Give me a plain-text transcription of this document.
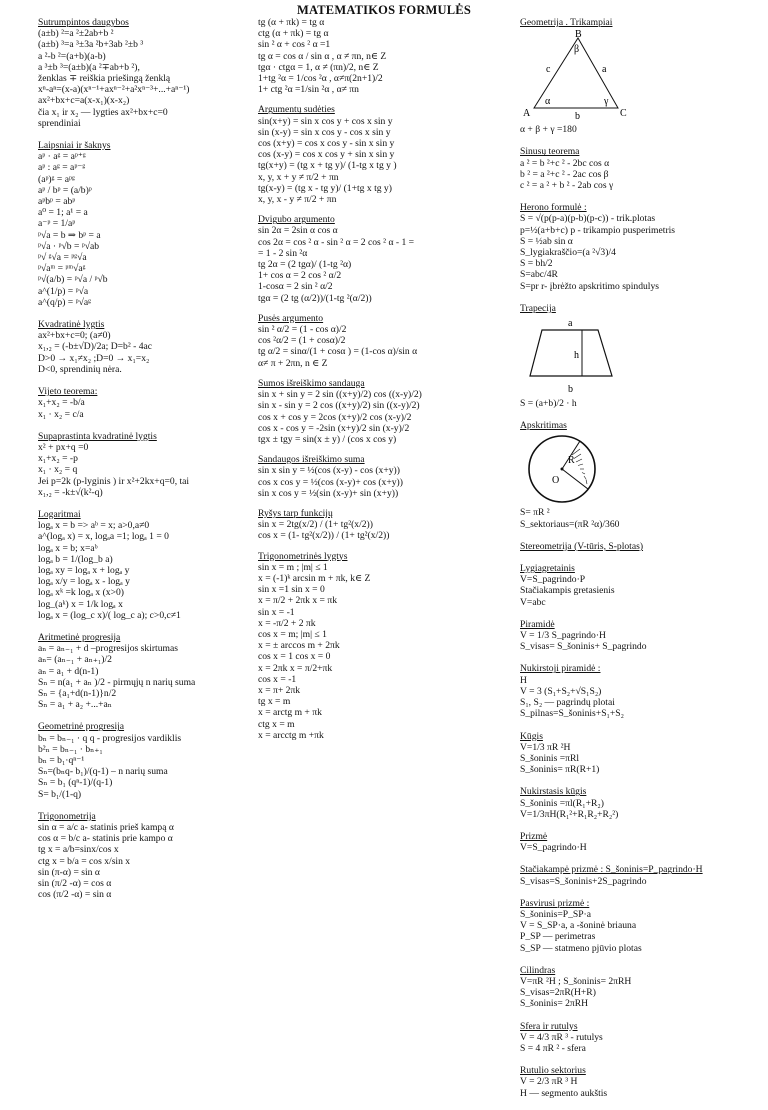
MATEMATIKOS FORMULĖS
Sutrumpintos daugybos
(a±b) ²=a ²±2ab+b ²
(a±b) ³=a ³±3a ²b+3ab ²±b ³
a ²-b ²=(a+b)(a-b)
a ³±b ³=(a±b)(a ²∓ab+b ²),
ženklas ∓ reiškia priešingą ženklą
xⁿ-aⁿ=(x-a)(xⁿ⁻¹+axⁿ⁻²+a²xⁿ⁻³+...+aⁿ⁻¹)
ax²+bx+c=a(x-x₁)(x-x₂)
čia x₁ ir x₂ — lygties ax²+bx+c=0
sprendiniai
Laipsniai ir šaknys
aᵖ · aᵍ = aᵖ⁺ᵍ
aᵖ : aᵍ = aᵖ⁻ᵍ
(aᵖ)ᵍ = aᵖᵍ
aᵖ / bᵖ = (a/b)ᵖ
aᵖbᵖ = abᵖ
a⁰ = 1; a¹ = a
a⁻ᵖ = 1/aᵖ
ᵖ√a = b ⇒ bᵖ = a
ᵖ√a · ᵖ√b = ᵖ√ab
ᵖ√ ᵍ√a = ᵖᵍ√a
ᵖ√aᵐ = ᵖᵐ√aᵍ
ᵖ√(a/b) = ᵖ√a / ᵖ√b
a^(1/p) = ᵖ√a
a^(q/p) = ᵖ√aᵍ
Kvadratinė lygtis
ax²+bx+c=0; (a≠0)
x₁,₂ = (-b±√D)/2a; D=b² - 4ac
D>0 → x₁≠x₂ ;D=0 → x₁=x₂
D<0, sprendinių nėra.
Vijeto teorema:
x₁+x₂ = -b/a
x₁ · x₂ = c/a
Supaprastinta kvadratinė lygtis
x² + px+q =0
x₁+x₂ = -p
x₁ · x₂ = q
Jei p=2k (p-lyginis ) ir x²+2kx+q=0, tai
x₁,₂ = -k±√(k²-q)
Logaritmai
logₐ x = b => aᵇ = x; a>0,a≠0
a^(logₐ x) = x, logₐa =1; logₐ 1 = 0
logₐ x = b; x=aᵇ
logₐ b = 1/(log_b a)
logₐ xy = logₐ x + logₐ y
logₐ x/y = logₐ x - logₐ y
logₐ xᵏ =k logₐ x (x>0)
log_(aᵏ) x = 1/k logₐ x
logₐ x = (log_c x)/( log_c a); c>0,c≠1
Aritmetinė progresija
aₙ = aₙ₋₁ + d –progresijos skirtumas
aₙ= (aₙ₋₁ + aₙ₊₁)/2
aₙ = a₁ + d(n-1)
Sₙ = n(a₁ + aₙ )/2 - pirmųjų n narių suma
Sₙ = {a₁+d(n-1)}n/2
Sₙ = a₁ + a₂ +...+aₙ
Geometrinė progresija
bₙ = bₙ₋₁ · q q - progresijos vardiklis
b²ₙ = bₙ₋₁ · bₙ₊₁
bₙ = b₁·qⁿ⁻¹
Sₙ=(bₙq- b₁)/(q-1) – n narių suma
Sₙ = b₁ (qⁿ-1)/(q-1)
S= b₁/(1-q)
Trigonometrija
sin α = a/c a- statinis prieš kampą α
cos α = b/c a- statinis prie kampo α
tg x = a/b=sinx/cos x
ctg x = b/a = cos x/sin x
sin (π-α) = sin α
sin (π/2 -α) = cos α
cos (π/2 -α) = sin α
tg (α + πk) = tg α
ctg (α + πk) = tg α
sin ² α + cos ² α =1
tg α = cos α / sin α , α ≠ πn, n∈ Z
tgα · ctgα = 1, α ≠ (πn)/2, n∈ Z
1+tg ²α = 1/cos ²α , α≠π(2n+1)/2
1+ ctg ²α =1/sin ²α , α≠ πn
Argumentų sudėties
sin(x+y) = sin x cos y + cos x sin y
sin (x-y) = sin x cos y - cos x sin y
cos (x+y) = cos x cos y - sin x sin y
cos (x-y) = cos x cos y + sin x sin y
tg(x+y) = (tg x + tg y)/ (1-tg x tg y )
x, y, x + y ≠ π/2 + πn
tg(x-y) = (tg x - tg y)/ (1+tg x tg y)
x, y, x - y ≠ π/2 + πn
Dvigubo argumento
sin 2α = 2sin α cos α
cos 2α = cos ² α - sin ² α = 2 cos ² α - 1 =
= 1 - 2 sin ²α
tg 2α = (2 tgα)/ (1-tg ²α)
1+ cos α = 2 cos ² α/2
1-cosα = 2 sin ² α/2
tgα = (2 tg (α/2))/(1-tg ²(α/2))
Pusės argumento
sin ² α/2 = (1 - cos α)/2
cos ²α/2 = (1 + cosα)/2
tg α/2 = sinα/(1 + cosα ) = (1-cos α)/sin α
α≠ π + 2πn, n ∈ Z
Sumos išreiškimo sandauga
sin x + sin y = 2 sin ((x+y)/2) cos ((x-y)/2)
sin x - sin y = 2 cos ((x+y)/2) sin ((x-y)/2)
cos x + cos y = 2cos (x+y)/2 cos (x-y)/2
cos x - cos y = -2sin (x+y)/2 sin (x-y)/2
tgx ± tgy = sin(x ± y) / (cos x cos y)
Sandaugos išreiškimo suma
sin x sin y = ½(cos (x-y) - cos (x+y))
cos x cos y = ½(cos (x-y)+ cos (x+y))
sin x cos y = ½(sin (x-y)+ sin (x+y))
Ryšys tarp funkcijų
sin x = 2tg(x/2) / (1+ tg²(x/2))
cos x = (1- tg²(x/2)) / (1+ tg²(x/2))
Trigonometrinės lygtys
sin x = m ; |m| ≤ 1
x = (-1)ᵏ arcsin m + πk, k∈ Z
sin x =1 sin x = 0
x = π/2 + 2πk x = πk
sin x = -1
x = -π/2 + 2 πk
cos x = m; |m| ≤ 1
x = ± arccos m + 2πk
cos x = 1 cos x = 0
x = 2πk x = π/2+πk
cos x = -1
x = π+ 2πk
tg x = m
x = arctg m + πk
ctg x = m
x = arcctg m +πk
Geometrija . Trikampiai
A
B
C
a
b
c
α
β
γ
α + β + γ =180
Sinusų teorema
a ² = b ²+c ² - 2bc cos α
b ² = a ²+c ² - 2ac cos β
c ² = a ² + b ² - 2ab cos γ
Herono formulė :
S = √(p(p-a)(p-b)(p-c)) - trik.plotas
p=½(a+b+c) p - trikampio pusperimetris
S = ½ab sin α
S_lygiakraščio=(a ²√3)/4
S = bh/2
S=abc/4R
S=pr r- įbrėžto apskritimo spindulys
Trapecija
a
h
b
S = (a+b)/2 · h
Apskritimas
O
R
S= πR ²
S_sektoriaus=(πR ²α)/360
Stereometrija (V-tūris, S-plotas)
Lygiagretainis
V=S_pagrindo·P
Stačiakampis gretasienis
V=abc
Piramidė
V = 1/3 S_pagrindo·H
S_visas= S_šoninis+ S_pagrindo
Nukirstoji piramidė :
H
V = 3 (S₁+S₂+√S₁S₂)
S₁, S₂ — pagrindų plotai
S_pilnas=S_šoninis+S₁+S₂
Kūgis
V=1/3 πR ²H
S_šoninis =πRl
S_šoninis= πR(R+1)
Nukirstasis kūgis
S_šoninis =πl(R₁+R₂)
V=1/3πH(R₁²+R₁R₂+R₂²)
Prizmė
V=S_pagrindo·H
Stačiakampė prizmė : S_šoninis=P_pagrindo·H
S_visas=S_šoninis+2S_pagrindo
Pasvirusi prizmė :
S_šoninis=P_SP·a
V = S_SP·a, a -šoninė briauna
P_SP — perimetras
S_SP — statmeno pjūvio plotas
Cilindras
V=πR ²H ; S_šoninis= 2πRH
S_visas=2πR(H+R)
S_šoninis= 2πRH
Sfera ir rutulys
V = 4/3 πR ³ - rutulys
S = 4 πR ² - sfera
Rutulio sektorius
V = 2/3 πR ³ H
H — segmento aukštis
